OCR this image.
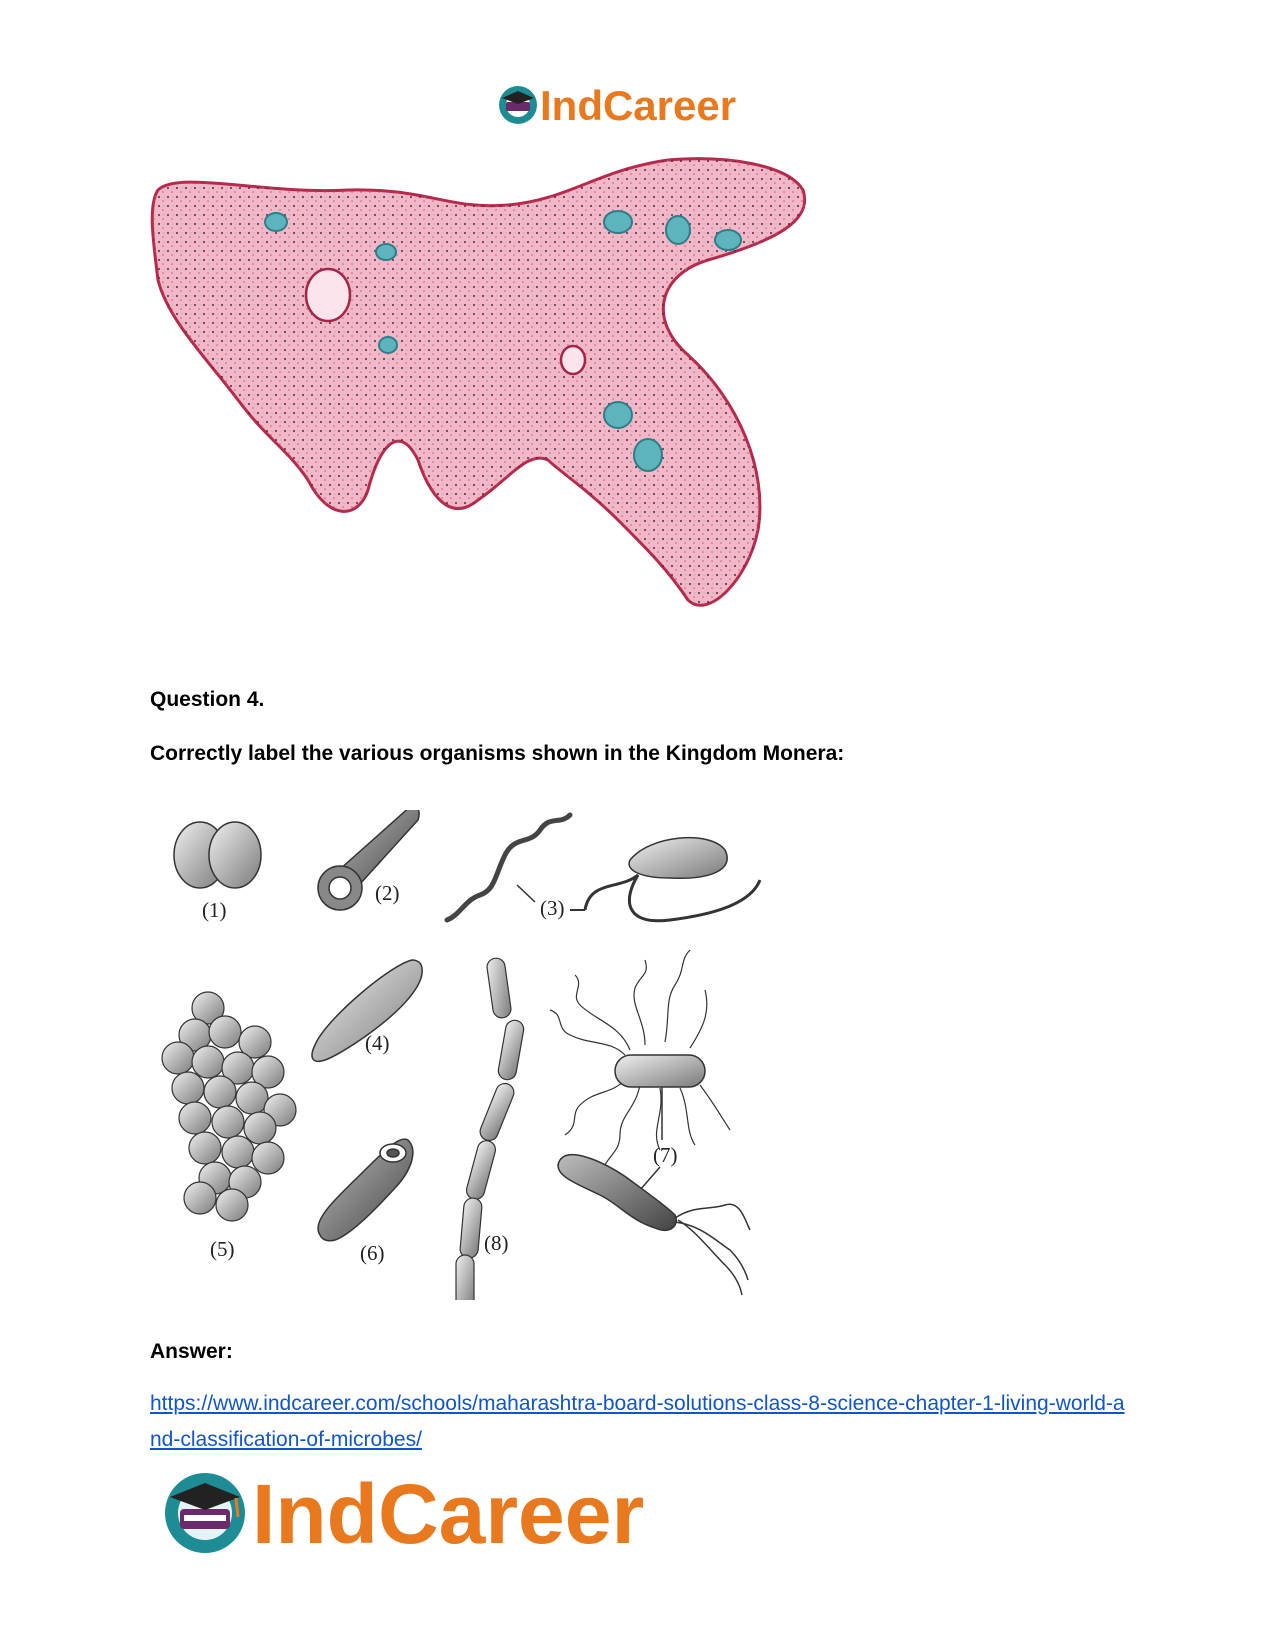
IndCareer
Question 4.
Correctly label the various organisms shown in the Kingdom Monera:
(1)
(2)
(3)
(4)
(5)	(6)	(8)
(7)
Answer:
https://www.indcareer.com/schools/maharashtra-board-solutions-class-8-science-chapter-1-living-world-and-classification-of-microbes/
IndCareer
